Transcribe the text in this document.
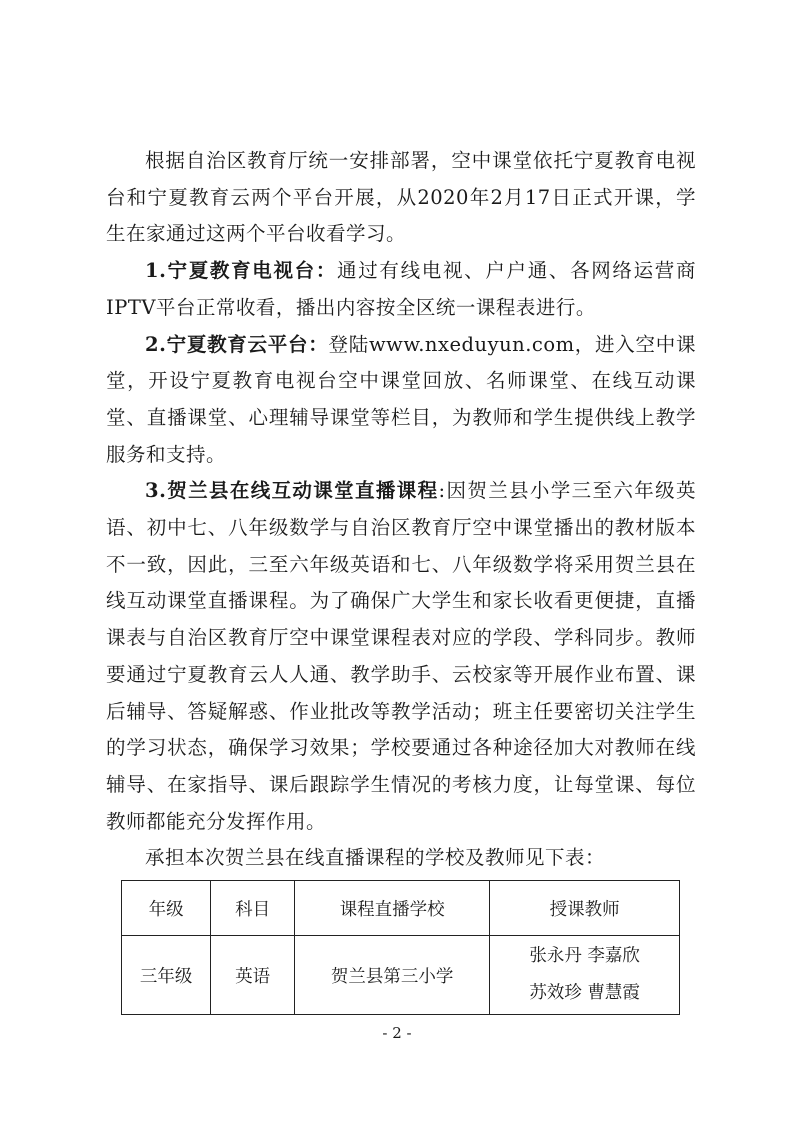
根据自治区教育厅统一安排部署，空中课堂依托宁夏教育电视台和宁夏教育云两个平台开展，从2020年2月17日正式开课，学生在家通过这两个平台收看学习。

1.宁夏教育电视台：通过有线电视、户户通、各网络运营商IPTV平台正常收看，播出内容按全区统一课程表进行。

2.宁夏教育云平台：登陆www.nxeduyun.com，进入空中课堂，开设宁夏教育电视台空中课堂回放、名师课堂、在线互动课堂、直播课堂、心理辅导课堂等栏目，为教师和学生提供线上教学服务和支持。

3.贺兰县在线互动课堂直播课程:因贺兰县小学三至六年级英语、初中七、八年级数学与自治区教育厅空中课堂播出的教材版本不一致，因此，三至六年级英语和七、八年级数学将采用贺兰县在线互动课堂直播课程。为了确保广大学生和家长收看更便捷，直播课表与自治区教育厅空中课堂课程表对应的学段、学科同步。教师要通过宁夏教育云人人通、教学助手、云校家等开展作业布置、课后辅导、答疑解惑、作业批改等教学活动；班主任要密切关注学生的学习状态，确保学习效果；学校要通过各种途径加大对教师在线辅导、在家指导、课后跟踪学生情况的考核力度，让每堂课、每位教师都能充分发挥作用。

承担本次贺兰县在线直播课程的学校及教师见下表：

年级	科目	课程直播学校	授课教师
三年级	英语	贺兰县第三小学	张永丹 李嘉欣
苏效珍 曹慧霞
- 2 -
